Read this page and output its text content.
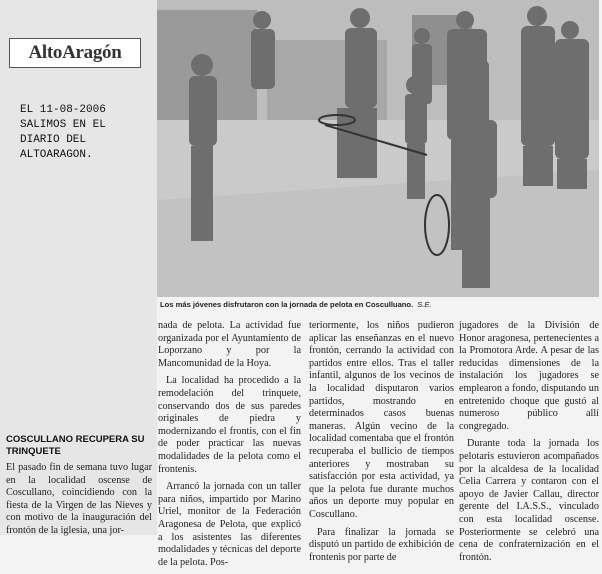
AltoAragón
EL 11-08-2006
SALIMOS EN EL
DIARIO DEL
ALTOARAGON.
Los más jóvenes disfrutaron con la jornada de pelota en Cosculluano. S.E.
COSCULLANO RECUPERA SU TRINQUETE

El pasado fin de semana tuvo lugar en la localidad oscense de Coscullano, coincidiendo con la fiesta de la Virgen de las Nieves y con motivo de la inauguración del frontón de la iglesia, una jor-

nada de pelota. La actividad fue organizada por el Ayuntamiento de Loporzano y por la Mancomunidad de la Hoya.

La localidad ha procedido a la remodelación del trinquete, conservando dos de sus paredes originales de piedra y modernizando el frontis, con el fin de poder practicar las nuevas modalidades de la pelota como el frontenis.

Arrancó la jornada con un taller para niños, impartido por Marino Uriel, monitor de la Federación Aragonesa de Pelota, que explicó a los asistentes las diferentes modalidades y técnicas del deporte de la pelota. Pos-

teriormente, los niños pudieron aplicar las enseñanzas en el nuevo frontón, cerrando la actividad con partidos entre ellos. Tras el taller infantil, algunos de los vecinos de la localidad disputaron varios partidos, mostrando en determinados casos buenas maneras. Algún vecino de la localidad comentaba que el frontón recuperaba el bullicio de tiempos anteriores y mostraban su satisfacción por esta actividad, ya que la pelota fue durante muchos años un deporte muy popular en Coscullano.

Para finalizar la jornada se disputó un partido de exhibición de frontenis por parte de

jugadores de la División de Honor aragonesa, pertenecientes a la Promotora Arde. A pesar de las reducidas dimensiones de la instalación los jugadores se emplearon a fondo, disputando un entretenido choque que gustó al numeroso público allí congregado.

Durante toda la jornada los pelotaris estuvieron acompañados por la alcaldesa de la localidad Celia Carrera y contaron con el apoyo de Javier Callau, director gerente del I.A.S.S., vinculado con esta localidad oscense. Posteriormente se celebró una cena de confraternización en el frontón.
